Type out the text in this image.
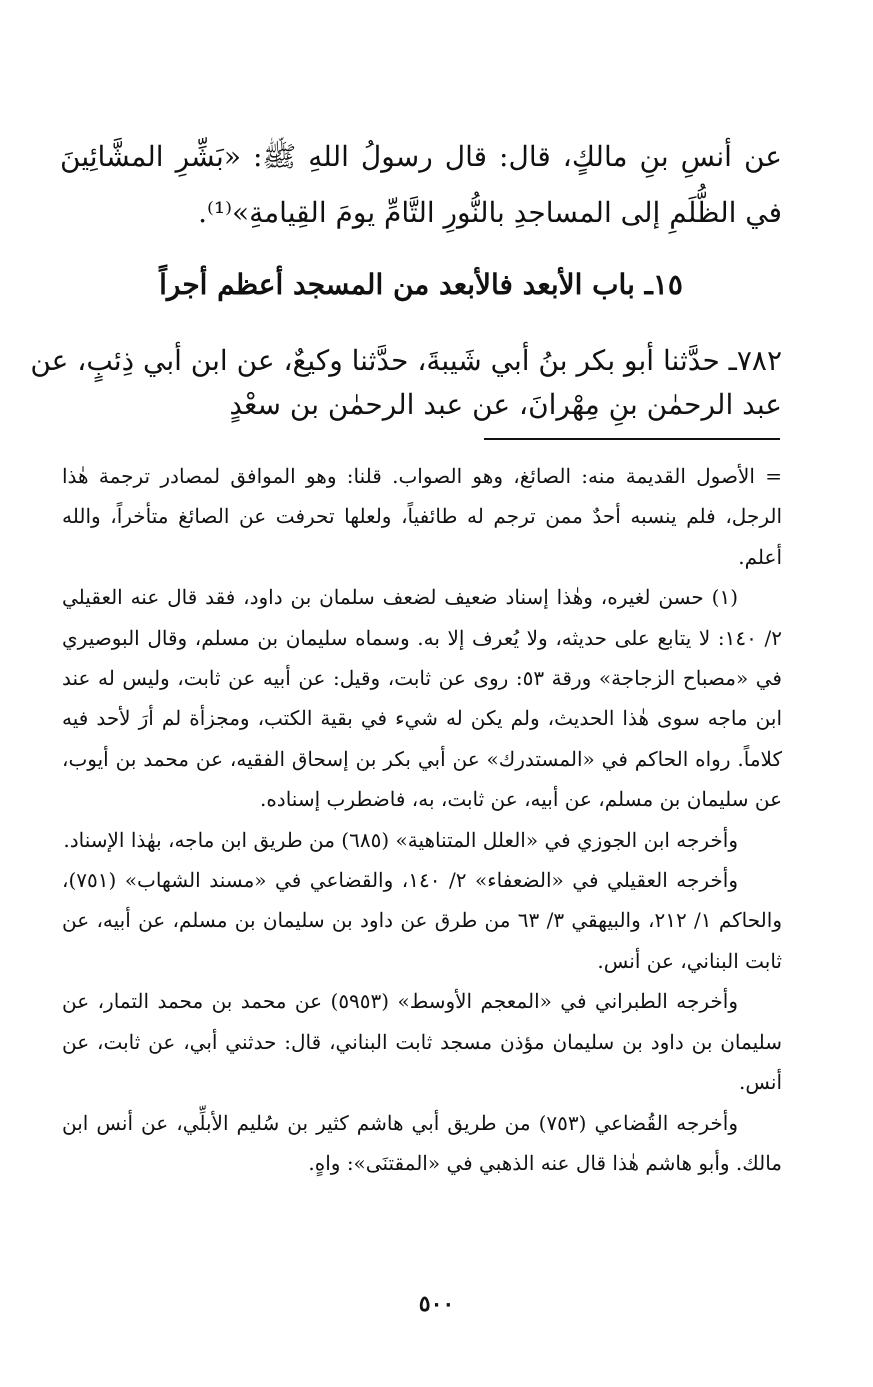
عن أنسِ بنِ مالكٍ، قال: قال رسولُ اللهِ ﷺ: «بَشِّرِ المشَّائِينَ
في الظُّلَمِ إلى المساجدِ بالنُّورِ التَّامِّ يومَ القِيامةِ»⁽¹⁾.
١٥ـ باب الأبعد فالأبعد من المسجد أعظم أجراً
٧٨٢ـ حدَّثنا أبو بكر بنُ أبي شَيبةَ، حدَّثنا وكيعٌ، عن ابن أبي ذِئبٍ، عن
عبد الرحمٰن بنِ مِهْرانَ، عن عبد الرحمٰن بن سعْدٍ

= الأصول القديمة منه: الصائغ، وهو الصواب. قلنا: وهو الموافق لمصادر ترجمة هٰذا الرجل، فلم ينسبه أحدٌ ممن ترجم له طائفياً، ولعلها تحرفت عن الصائغ متأخراً، والله أعلم.

(١) حسن لغيره، وهٰذا إسناد ضعيف لضعف سلمان بن داود، فقد قال عنه العقيلي ٢/ ١٤٠: لا يتابع على حديثه، ولا يُعرف إلا به. وسماه سليمان بن مسلم، وقال البوصيري في «مصباح الزجاجة» ورقة ٥٣: روى عن ثابت، وقيل: عن أبيه عن ثابت، وليس له عند ابن ماجه سوى هٰذا الحديث، ولم يكن له شيء في بقية الكتب، ومجزأة لم أرَ لأحد فيه كلاماً. رواه الحاكم في «المستدرك» عن أبي بكر بن إسحاق الفقيه، عن محمد بن أيوب، عن سليمان بن مسلم، عن أبيه، عن ثابت، به، فاضطرب إسناده.

وأخرجه ابن الجوزي في «العلل المتناهية» (٦٨٥) من طريق ابن ماجه، بهٰذا الإسناد.

وأخرجه العقيلي في «الضعفاء» ٢/ ١٤٠، والقضاعي في «مسند الشهاب» (٧٥١)، والحاكم ١/ ٢١٢، والبيهقي ٣/ ٦٣ من طرق عن داود بن سليمان بن مسلم، عن أبيه، عن ثابت البناني، عن أنس.

وأخرجه الطبراني في «المعجم الأوسط» (٥٩٥٣) عن محمد بن محمد التمار، عن سليمان بن داود بن سليمان مؤذن مسجد ثابت البناني، قال: حدثني أبي، عن ثابت، عن أنس.

وأخرجه القُضاعي (٧٥٣) من طريق أبي هاشم كثير بن سُليم الأبلِّي، عن أنس ابن مالك. وأبو هاشم هٰذا قال عنه الذهبي في «المقتنَى»: واهٍ.

٥٠٠
